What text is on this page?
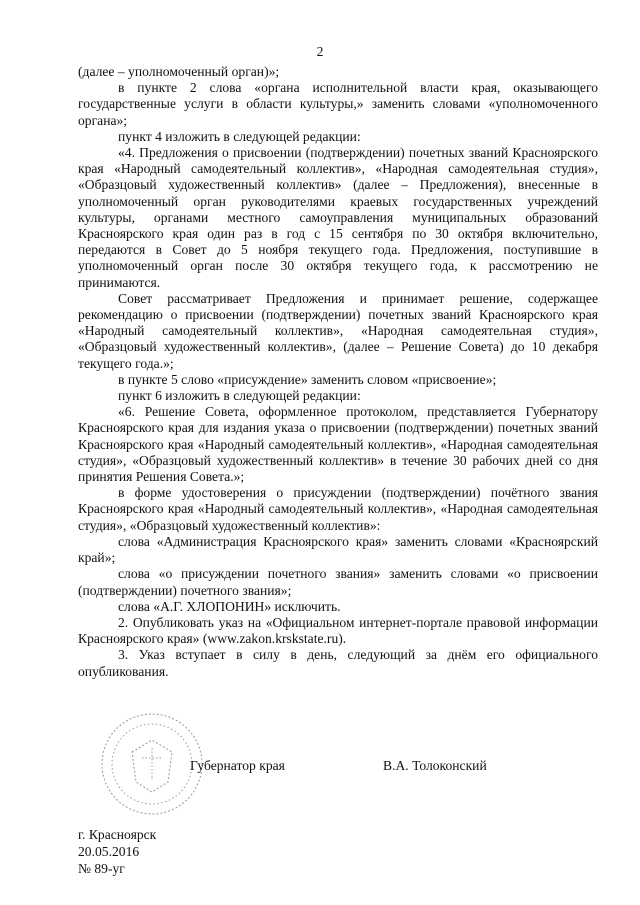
2

(далее – уполномоченный орган)»;

в пункте 2 слова «органа исполнительной власти края, оказывающего государственные услуги в области культуры,» заменить словами «уполномоченного органа»;

пункт 4 изложить в следующей редакции:

«4. Предложения о присвоении (подтверждении) почетных званий Красноярского края «Народный самодеятельный коллектив», «Народная самодеятельная студия», «Образцовый художественный коллектив» (далее – Предложения), внесенные в уполномоченный орган руководителями краевых государственных учреждений культуры, органами местного самоуправления муниципальных образований Красноярского края один раз в год с 15 сентября по 30 октября включительно, передаются в Совет до 5 ноября текущего года. Предложения, поступившие в уполномоченный орган после 30 октября текущего года, к рассмотрению не принимаются.

Совет рассматривает Предложения и принимает решение, содержащее рекомендацию о присвоении (подтверждении) почетных званий Красноярского края «Народный самодеятельный коллектив», «Народная самодеятельная студия», «Образцовый художественный коллектив», (далее – Решение Совета) до 10 декабря текущего года.»;

в пункте 5 слово «присуждение» заменить словом «присвоение»;

пункт 6 изложить в следующей редакции:

«6. Решение Совета, оформленное протоколом, представляется Губернатору Красноярского края для издания указа о присвоении (подтверждении) почетных званий Красноярского края «Народный самодеятельный коллектив», «Народная самодеятельная студия», «Образцовый художественный коллектив» в течение 30 рабочих дней со дня принятия Решения Совета.»;

в форме удостоверения о присуждении (подтверждении) почётного звания Красноярского края «Народный самодеятельный коллектив», «Народная самодеятельная студия», «Образцовый художественный коллектив»:

слова «Администрация Красноярского края» заменить словами «Красноярский край»;

слова «о присуждении почетного звания» заменить словами «о присвоении (подтверждении) почетного звания»;

слова «А.Г. ХЛОПОНИН» исключить.

2. Опубликовать указ на «Официальном интернет-портале правовой информации Красноярского края» (www.zakon.krskstate.ru).

3. Указ вступает в силу в день, следующий за днём его официального опубликования.

Губернатор края	В.А. Толоконский
г. Красноярск
20.05.2016
№ 89-уг
